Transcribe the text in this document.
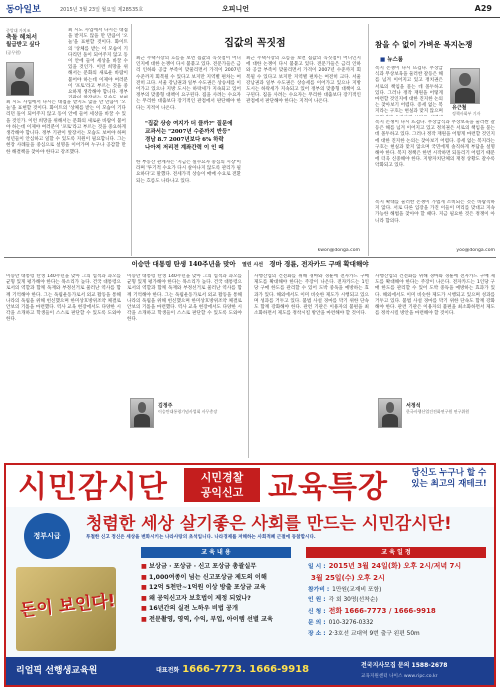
동아일보	2015년 3월 23일 월요일 제28535호	오피니언	A29
중앙대 가치조
축돌 헤쳐서
월급받고 싶다
(공무원)
최 시도 사업에서 다시는 대접을 받지도 않을 만 만큼이 '오늘'을 표현할 것이다. 화이트의 '상체를 받는 이 모습이 기다리던 돌이 되어주지 않고 동이 안에 들어 세상을 바꿀 수 있을 것인가. 이런 희망을 위해서는 문화의 새로운 바람이 불어야 하는데 이제야 여러분이 '포토'라고 부르는 것을 중요하게 생각해야 합니다. 정부 기관이 앞장서는 모습도 보여야 하며 청년들이 안심하고 일할 수 있도록 지원이 필요합니다. 그는 현장 사례들을 중심으로 설명을 이어가며 누구나 공감할 만한 해결책을 찾아야 한다고 강조했다.
최 시도 사업에서 다시는 대접을 받지도 않을 만 만큼이 '오늘'을 표현할 것이다. 화이트의 '상체를 받는 이 모습이 기다리던 돌이 되어주지 않고 동이 안에 들어 세상을 바꿀 수 있을 것인가. 이런 희망을 위해서는 문화의 새로운 바람이 불어야 하는데 이제야 여러분이 '포토'라고 부르는 것을 중요하게 생각해야 합니다. 정부
집값의 꼭짓점
최근 주택시장의 흐름을 보면 집값의 꼭짓점이 어디인지에 대한 논쟁이 다시 불붙고 있다. 전문가들은 금리 인하와 공급 부족이 맞물리면서 가격이 2007년 수준까지 회복될 수 있다고 보지만 지역별 편차는 여전히 크다. 서울 강남권과 일부 수도권은 상승세를 이어가고 있으나 지방 도시는 하락세가 지속되고 있어 정부의 맞춤형 대책이 요구된다. 집을 사려는 수요자는 무리한 대출보다 장기적인 관점에서 판단해야 한다는 지적이 나온다.
"집값 상승 여지가 더 클까?" 질문에
교과서는 "2007년 수준까지 반등"
경남 8.7 2007년보다 6% 하락
나아져 저리전 계좌간력 이 인 때
한 부동산 관계자는 '지금은 실수요자 중심의 시장'이라며 '투기적 수요가 다시 살아나지 않도록 관리가 필요하다'고 말했다. 전세가격 상승이 매매 수요로 전환되는 흐름도 나타나고 있다.
최근 주택시장의 흐름을 보면 집값의 꼭짓점이 어디인지에 대한 논쟁이 다시 불붙고 있다. 전문가들은 금리 인하와 공급 부족이 맞물리면서 가격이 2007년 수준까지 회복될 수 있다고 보지만 지역별 편차는 여전히 크다. 서울 강남권과 일부 수도권은 상승세를 이어가고 있으나 지방 도시는 하락세가 지속되고 있어 정부의 맞춤형 대책이 요구된다. 집을 사려는 수요자는 무리한 대출보다 장기적인 관점에서 판단해야 한다는 지적이 나온다.
kwon@donga.com
참을 수 없이 가벼운 복지논쟁
■ 뉴스룸
복지 논쟁이 다시 뜨겁다. 무상급식과 무상보육을 둘러싼 갈등은 해를 넘겨 이어지고 있고 정치권은 서로의 책임을 묻는 데 몰두하고 있다. 그러나 정작 재원을 어떻게 마련할 것인지에 대한 진지한 논의는 찾아보기 어렵다. 증세 없는 복지라는 구호는 현실과 맞지 않으며
유근철
정책사회부 기자
복지 논쟁이 다시 뜨겁다. 무상급식과 무상보육을 둘러싼 갈등은 해를 넘겨 이어지고 있고 정치권은 서로의 책임을 묻는 데 몰두하고 있다. 그러나 정작 재원을 어떻게 마련할 것인지에 대한 진지한 논의는 찾아보기 어렵다. 증세 없는 복지라는 구호는 현실과 맞지 않으며 국민에게 솔직하게 부담을 설명해야 한다. 복지 정책은 한번 시작하면 되돌리기 어렵기 때문에 더욱 신중해야 한다. 지방자치단체의 재정 상황도 갈수록 악화되고 있다.
복지 확대를 둘러싼 논쟁이 가볍게 소비되는 것은 바람직하지 않다. 서로 다른 입장을 가진 이들이 머리를 맞대고 지속 가능한 해법을 찾아야 할 때다. 지금 필요한 것은 정쟁이 아니라 합의다.
yoo@donga.com
이승만 대통령 탄생 140주년을 맞아 열린 시선 경마 경륜, 전자카드 구매 확대해야
이승만 대통령 탄생 140주년을 맞아 그의 업적과 과오를 균형 있게 평가해야 한다는 목소리가 높다. 건국 대통령으로서의 역할과 함께 독재와 부정선거로 물러난 역사를 함께 기억해야 한다. 그는 독립운동가로서 외교 활동을 통해 나라의 독립을 위해 헌신했으며 한미상호방위조약 체결로 안보의 기틀을 마련했다. 역사 교육 현장에서도 다양한 시각을 소개하고 학생들이 스스로 판단할 수 있도록 도와야 한다.
이승만 대통령 탄생 140주년을 맞아 그의 업적과 과오를 균형 있게 평가해야 한다는 목소리가 높다. 건국 대통령으로서의 역할과 함께 독재와 부정선거로 물러난 역사를 함께 기억해야 한다. 그는 독립운동가로서 외교 활동을 통해 나라의 독립을 위해 헌신했으며 한미상호방위조약 체결로 안보의 기틀을 마련했다. 역사 교육 현장에서도 다양한 시각을 소개하고 학생들이 스스로 판단할 수 있도록 도와야 한다.
김정주
이승만대통령기념사업회 사무총장
사행산업의 건전화를 위해 경마와 경륜에 전자카드 구매 제도를 확대해야 한다는 주장이 나온다. 전자카드는 1인당 구매 한도를 관리할 수 있어 도박 중독을 예방하는 효과가 있다. 해외에서도 이미 비슷한 제도가 시행되고 있으며 성과를 거두고 있다. 불법 사설 경마를 막기 위한 단속도 함께 강화해야 한다. 관련 기관은 이용자의 불편을 최소화하면서 제도를 정착시킬 방안을 마련해야 할 것이다.
사행산업의 건전화를 위해 경마와 경륜에 전자카드 구매 제도를 확대해야 한다는 주장이 나온다. 전자카드는 1인당 구매 한도를 관리할 수 있어 도박 중독을 예방하는 효과가 있다. 해외에서도 이미 비슷한 제도가 시행되고 있으며 성과를 거두고 있다. 불법 사설 경마를 막기 위한 단속도 함께 강화해야 한다. 관련 기관은 이용자의 불편을 최소화하면서 제도를 정착시킬 방안을 마련해야 할 것이다.
서정석
한국사행산업건전화연구원 연구위원
시민감시단	시민경찰
공익신고 교육특강	당신도 누구나 할 수 있는 최고의 재테크!
정부시급
청렴한 세상 살기좋은 사회를 만드는 시민감시단!
투철한 신고 정신은 세상을 변화시키는 나라사랑의 초석입니다. 나라경제를 저해하는 사회적폐 근절에 동참합시다.
돈이 보인다!
교 육 내 용
■ 보상금 · 포상금 · 신고 포상금 총괄실무
■ 1,000여종이 넘는 신고포상금 제도의 이해
■ 12억 5천만~1억원 이상 방출 포상금 교육
■ 왜 공익신고자 보호법이 제정 되었나?
■ 16년간의 실전 노하우 비법 공개
■ 전문촬영, 영역, 수익, 부업, 아이템 선별 교육
교 육 일 정
일 시 : 2015년 3월 24일(화) 오후 2시/저녁 7시
3월 25일(수) 오후 2시
참가비 : 1만원(교재비 포함)
인 원 : 각 회 30명(선착순)
신 청 : 전화 1666-7773 / 1666-9918
문 의 : 010-3276-0332
장 소 : 2·3호선 교대역 9번 출구 왼편 50m
리얼픽 선행생교육원	대표전화 1666-7773. 1666-9918	전국지사모집 문의 1588-2678
교육지원센터 나이스 www.ripc.co.kr
